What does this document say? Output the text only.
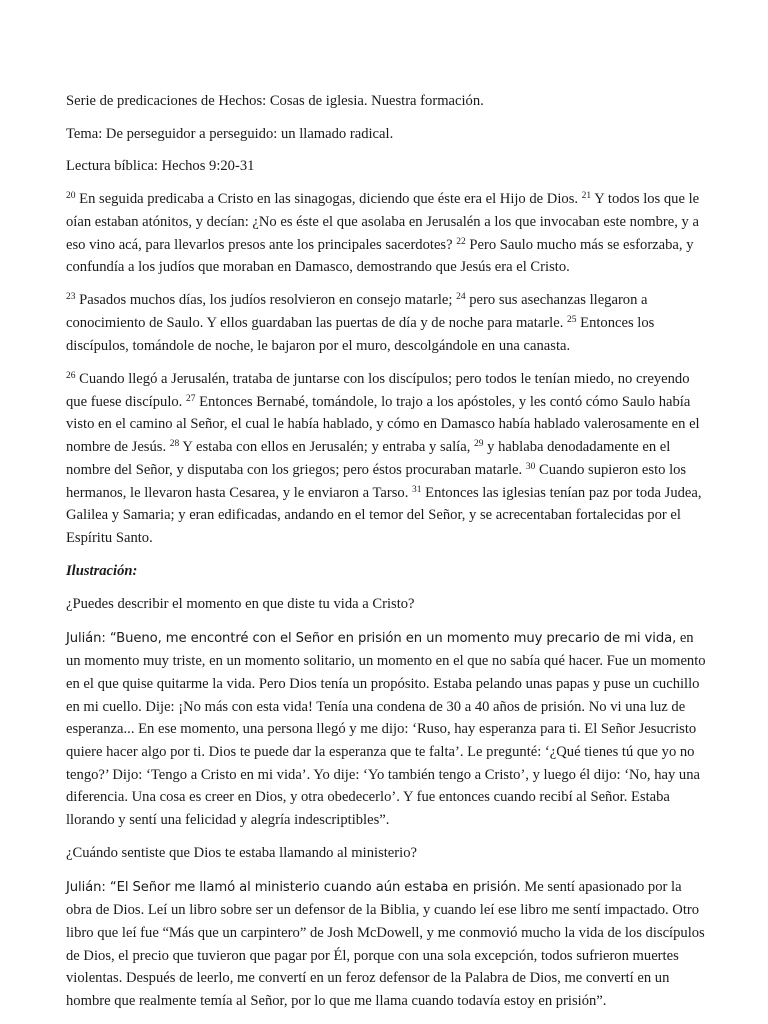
Serie de predicaciones de Hechos: Cosas de iglesia. Nuestra formación.

Tema: De perseguidor a perseguido: un llamado radical.

Lectura bíblica: Hechos 9:20-31

$^{20}$ En seguida predicaba a Cristo en las sinagogas, diciendo que éste era el Hijo de Dios. $^{21}$ Y todos los que le oían estaban atónitos, y decían: ¿No es éste el que asolaba en Jerusalén a los que invocaban este nombre, y a eso vino acá, para llevarlos presos ante los principales sacerdotes? $^{22}$ Pero Saulo mucho más se esforzaba, y confundía a los judíos que moraban en Damasco, demostrando que Jesús era el Cristo.

$^{23}$ Pasados muchos días, los judíos resolvieron en consejo matarle; $^{24}$ pero sus asechanzas llegaron a conocimiento de Saulo. Y ellos guardaban las puertas de día y de noche para matarle. $^{25}$ Entonces los discípulos, tomándole de noche, le bajaron por el muro, descolgándole en una canasta.

$^{26}$ Cuando llegó a Jerusalén, trataba de juntarse con los discípulos; pero todos le tenían miedo, no creyendo que fuese discípulo. $^{27}$ Entonces Bernabé, tomándole, lo trajo a los apóstoles, y les contó cómo Saulo había visto en el camino al Señor, el cual le había hablado, y cómo en Damasco había hablado valerosamente en el nombre de Jesús. $^{28}$ Y estaba con ellos en Jerusalén; y entraba y salía, $^{29}$ y hablaba denodadamente en el nombre del Señor, y disputaba con los griegos; pero éstos procuraban matarle. $^{30}$ Cuando supieron esto los hermanos, le llevaron hasta Cesarea, y le enviaron a Tarso. $^{31}$ Entonces las iglesias tenían paz por toda Judea, Galilea y Samaria; y eran edificadas, andando en el temor del Señor, y se acrecentaban fortalecidas por el Espíritu Santo.

Ilustración:

¿Puedes describir el momento en que diste tu vida a Cristo?

Julián: “Bueno, me encontré con el Señor en prisión en un momento muy precario de mi vida, en un momento muy triste, en un momento solitario, un momento en el que no sabía qué hacer. Fue un momento en el que quise quitarme la vida. Pero Dios tenía un propósito. Estaba pelando unas papas y puse un cuchillo en mi cuello. Dije: ¡No más con esta vida! Tenía una condena de 30 a 40 años de prisión. No vi una luz de esperanza... En ese momento, una persona llegó y me dijo: ‘Ruso, hay esperanza para ti. El Señor Jesucristo quiere hacer algo por ti. Dios te puede dar la esperanza que te falta’. Le pregunté: ‘¿Qué tienes tú que yo no tengo?’ Dijo: ‘Tengo a Cristo en mi vida’. Yo dije: ‘Yo también tengo a Cristo’, y luego él dijo: ‘No, hay una diferencia. Una cosa es creer en Dios, y otra obedecerlo’. Y fue entonces cuando recibí al Señor. Estaba llorando y sentí una felicidad y alegría indescriptibles”.

¿Cuándo sentiste que Dios te estaba llamando al ministerio?

Julián: “El Señor me llamó al ministerio cuando aún estaba en prisión. Me sentí apasionado por la obra de Dios. Leí un libro sobre ser un defensor de la Biblia, y cuando leí ese libro me sentí impactado. Otro libro que leí fue “Más que un carpintero” de Josh McDowell, y me conmovió mucho la vida de los discípulos de Dios, el precio que tuvieron que pagar por Él, porque con una sola excepción, todos sufrieron muertes violentas. Después de leerlo, me convertí en un feroz defensor de la Palabra de Dios, me convertí en un hombre que realmente temía al Señor, por lo que me llama cuando todavía estoy en prisión”.
